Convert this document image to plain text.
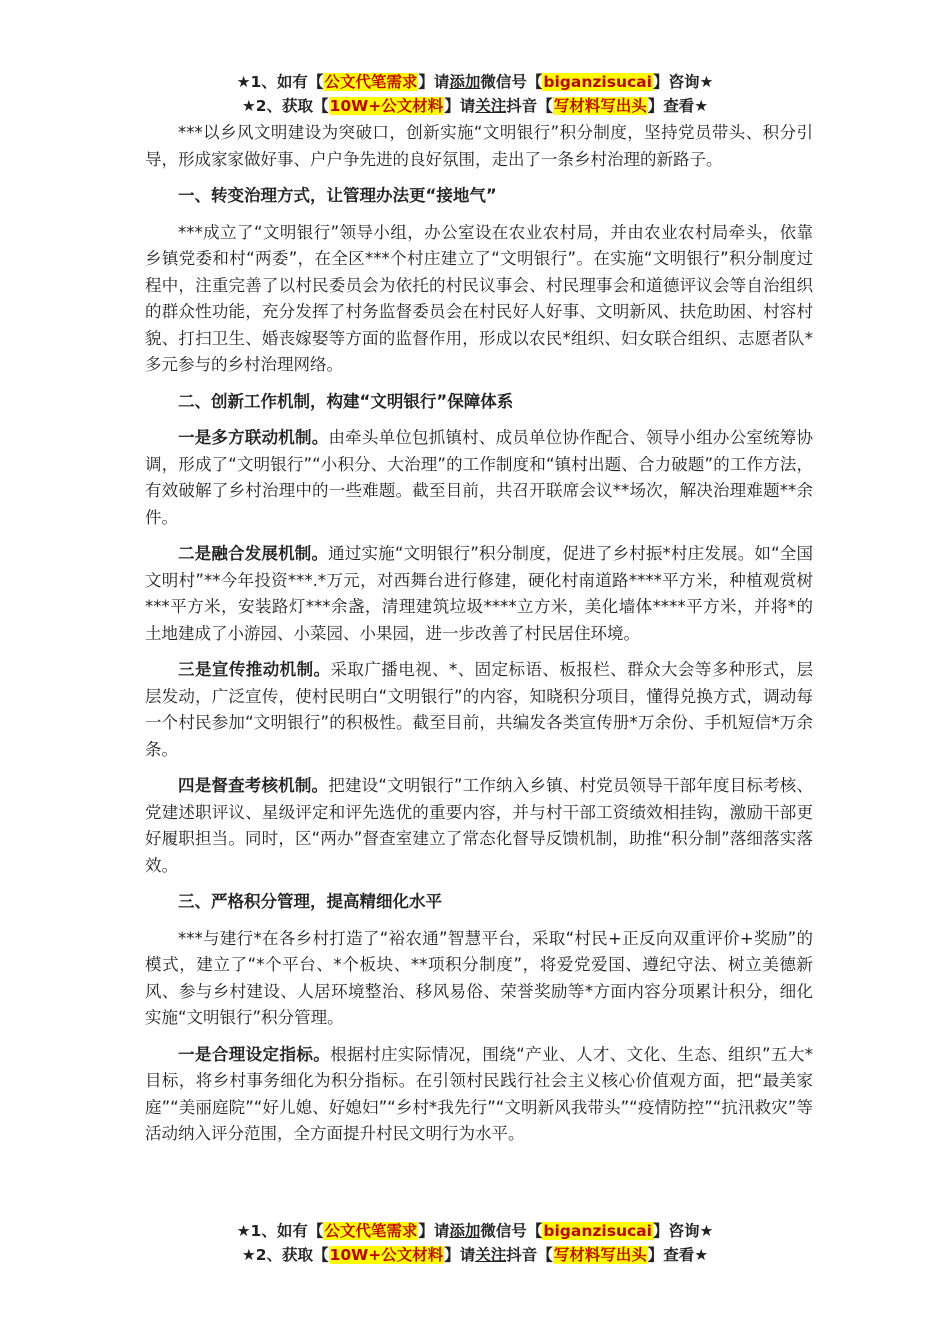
★1、如有【公文代笔需求】请添加微信号【biganzisucai】咨询★
★2、获取【10W+公文材料】请关注抖音【写材料写出头】查看★

***以乡风文明建设为突破口，创新实施“文明银行”积分制度，坚持党员带头、积分引导，形成家家做好事、户户争先进的良好氛围，走出了一条乡村治理的新路子。

一、转变治理方式，让管理办法更“接地气”

***成立了“文明银行”领导小组，办公室设在农业农村局，并由农业农村局牵头，依靠乡镇党委和村“两委”，在全区***个村庄建立了“文明银行”。在实施“文明银行”积分制度过程中，注重完善了以村民委员会为依托的村民议事会、村民理事会和道德评议会等自治组织的群众性功能，充分发挥了村务监督委员会在村民好人好事、文明新风、扶危助困、村容村貌、打扫卫生、婚丧嫁娶等方面的监督作用，形成以农民*组织、妇女联合组织、志愿者队*多元参与的乡村治理网络。

二、创新工作机制，构建“文明银行”保障体系

一是多方联动机制。由牵头单位包抓镇村、成员单位协作配合、领导小组办公室统筹协调，形成了“文明银行”“小积分、大治理”的工作制度和“镇村出题、合力破题”的工作方法，有效破解了乡村治理中的一些难题。截至目前，共召开联席会议**场次，解决治理难题**余件。

二是融合发展机制。通过实施“文明银行”积分制度，促进了乡村振*村庄发展。如“全国文明村”**今年投资***.*万元，对西舞台进行修建，硬化村南道路****平方米，种植观赏树***平方米，安装路灯***余盏，清理建筑垃圾****立方米，美化墙体****平方米，并将*的土地建成了小游园、小菜园、小果园，进一步改善了村民居住环境。

三是宣传推动机制。采取广播电视、*、固定标语、板报栏、群众大会等多种形式，层层发动，广泛宣传，使村民明白“文明银行”的内容，知晓积分项目，懂得兑换方式，调动每一个村民参加“文明银行”的积极性。截至目前，共编发各类宣传册*万余份、手机短信*万余条。

四是督查考核机制。把建设“文明银行”工作纳入乡镇、村党员领导干部年度目标考核、党建述职评议、星级评定和评先选优的重要内容，并与村干部工资绩效相挂钩，激励干部更好履职担当。同时，区“两办”督查室建立了常态化督导反馈机制，助推“积分制”落细落实落效。

三、严格积分管理，提高精细化水平

***与建行*在各乡村打造了“裕农通”智慧平台，采取“村民+正反向双重评价+奖励”的模式，建立了“*个平台、*个板块、**项积分制度”，将爱党爱国、遵纪守法、树立美德新风、参与乡村建设、人居环境整治、移风易俗、荣誉奖励等*方面内容分项累计积分，细化实施“文明银行”积分管理。

一是合理设定指标。根据村庄实际情况，围绕“产业、人才、文化、生态、组织”五大*目标，将乡村事务细化为积分指标。在引领村民践行社会主义核心价值观方面，把“最美家庭”“美丽庭院”“好儿媳、好媳妇”“乡村*我先行”“文明新风我带头”“疫情防控”“抗汛救灾”等活动纳入评分范围，全方面提升村民文明行为水平。

★1、如有【公文代笔需求】请添加微信号【biganzisucai】咨询★
★2、获取【10W+公文材料】请关注抖音【写材料写出头】查看★
